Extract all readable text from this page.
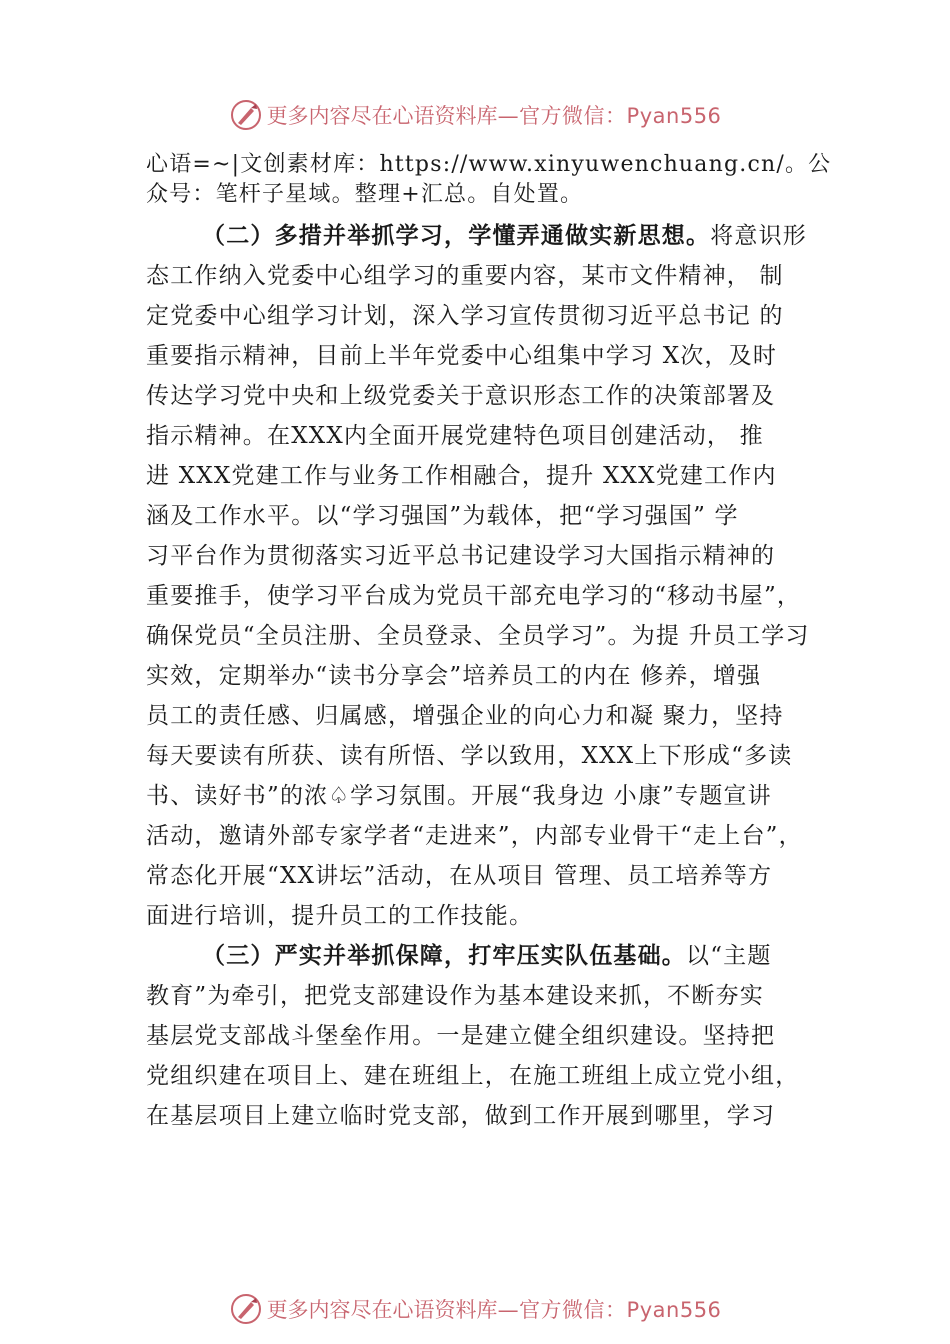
更多内容尽在心语资料库 —官方微信：Pyan556
心语=~|文创素材库：https://www.xinyuwenchuang.cn/。公
众号：笔杆子星域。整理+汇总。自处置。
（二）多措并举抓学习，学懂弄通做实新思想。将意识形
态工作纳入党委中心组学习的重要内容，某市文件精神， 制
定党委中心组学习计划，深入学习宣传贯彻习近平总书记 的
重要指示精神，目前上半年党委中心组集中学习 X次，及时
传达学习党中央和上级党委关于意识形态工作的决策部署及
指示精神。在XXX内全面开展党建特色项目创建活动， 推
进 XXX党建工作与业务工作相融合，提升 XXX党建工作内
涵及工作水平。以“学习强国”为载体，把“学习强国” 学
习平台作为贯彻落实习近平总书记建设学习大国指示精神的
重要推手，使学习平台成为党员干部充电学习的“移动书屋”，
确保党员“全员注册、全员登录、全员学习”。为提 升员工学习
实效，定期举办“读书分享会”培养员工的内在 修养，增强
员工的责任感、归属感，增强企业的向心力和凝 聚力，坚持
每天要读有所获、读有所悟、学以致用，XXX上下形成“多读
书、读好书”的浓♤学习氛围。开展“我身边 小康”专题宣讲
活动，邀请外部专家学者“走进来”，内部专业骨干“走上台”，
常态化开展“XX讲坛”活动，在从项目 管理、员工培养等方
面进行培训，提升员工的工作技能。
（三）严实并举抓保障，打牢压实队伍基础。以“主题
教育”为牵引，把党支部建设作为基本建设来抓，不断夯实
基层党支部战斗堡垒作用。一是建立健全组织建设。坚持把
党组织建在项目上、建在班组上，在施工班组上成立党小组，
在基层项目上建立临时党支部，做到工作开展到哪里，学习
更多内容尽在心语资料库 —官方微信：Pyan556
